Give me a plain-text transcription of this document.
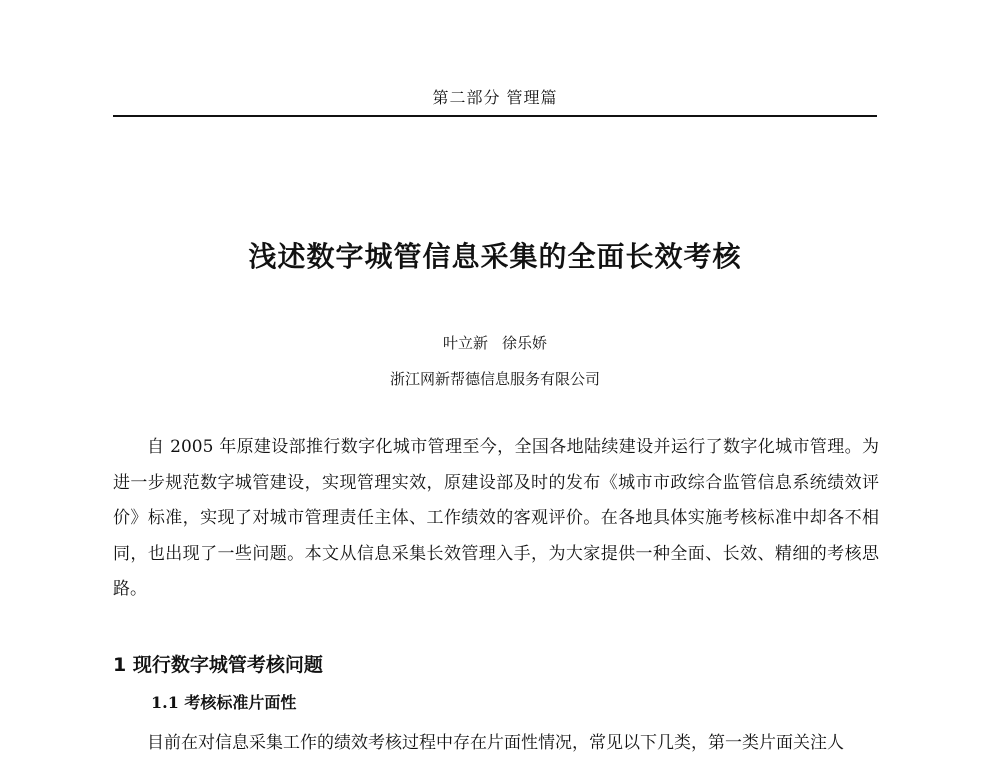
第二部分 管理篇
浅述数字城管信息采集的全面长效考核
叶立新 徐乐娇
浙江网新帮德信息服务有限公司

自 2005 年原建设部推行数字化城市管理至今，全国各地陆续建设并运行了数字化城市管理。为进一步规范数字城管建设，实现管理实效，原建设部及时的发布《城市市政综合监管信息系统绩效评价》标准，实现了对城市管理责任主体、工作绩效的客观评价。在各地具体实施考核标准中却各不相同，也出现了一些问题。本文从信息采集长效管理入手，为大家提供一种全面、长效、精细的考核思路。

1 现行数字城管考核问题
1.1 考核标准片面性

目前在对信息采集工作的绩效考核过程中存在片面性情况，常见以下几类，第一类片面关注人
